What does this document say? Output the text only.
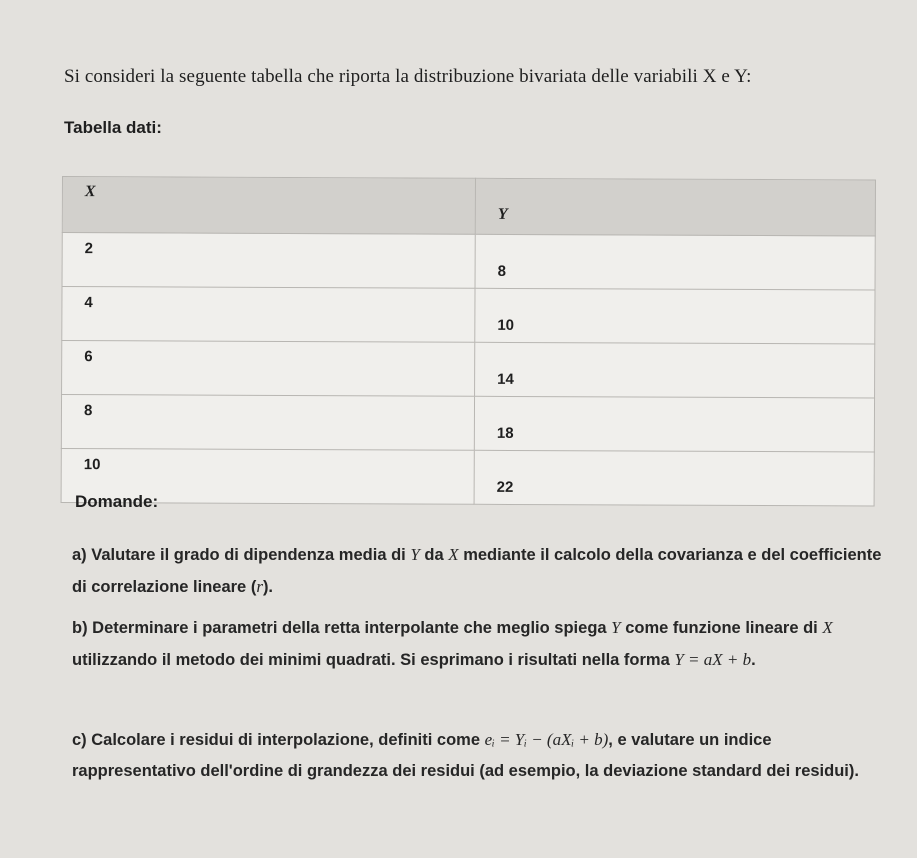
Si consideri la seguente tabella che riporta la distribuzione bivariata delle variabili X e Y:
Tabella dati:
X	Y
2	8
4	10
6	14
8	18
10	22
Domande:
a) Valutare il grado di dipendenza media di Y da X mediante il calcolo della covarianza e del coefficiente di correlazione lineare (r).
b) Determinare i parametri della retta interpolante che meglio spiega Y come funzione lineare di X utilizzando il metodo dei minimi quadrati. Si esprimano i risultati nella forma Y = aX + b.
c) Calcolare i residui di interpolazione, definiti come eᵢ = Yᵢ − (aXᵢ + b), e valutare un indice rappresentativo dell'ordine di grandezza dei residui (ad esempio, la deviazione standard dei residui).
